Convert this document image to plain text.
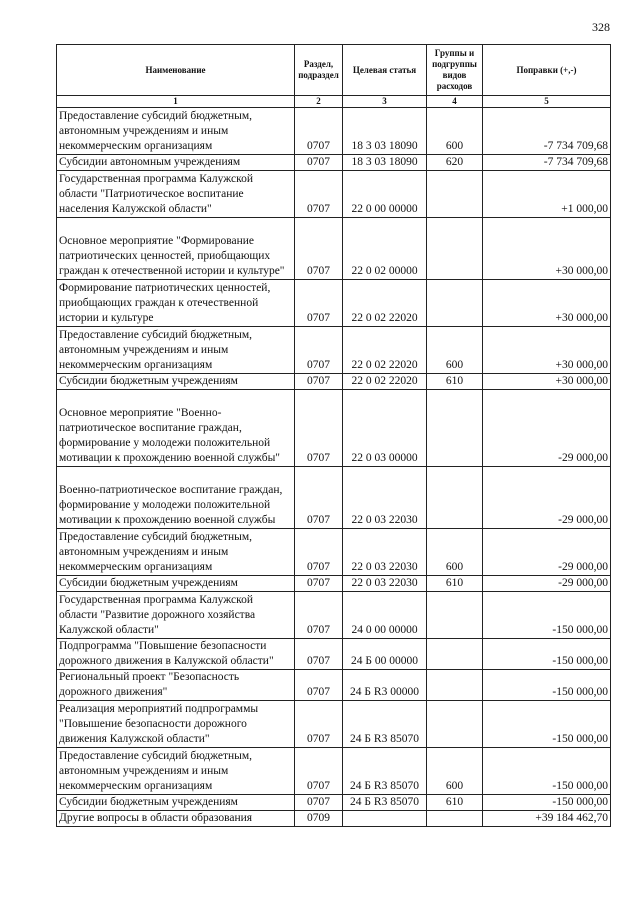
328
Наименование	Раздел, подраздел	Целевая статья	Группы и подгруппы видов расходов	Поправки (+,-)
1	2	3	4	5
Предоставление субсидий бюджетным, автономным учреждениям и иным некоммерческим организациям	0707	18 3 03 18090	600	-7 734 709,68
Субсидии автономным учреждениям	0707	18 3 03 18090	620	-7 734 709,68
Государственная программа Калужской области "Патриотическое воспитание населения Калужской области"	0707	22 0 00 00000		+1 000,00
Основное мероприятие "Формирование патриотических ценностей, приобщающих граждан к отечественной истории и культуре"	0707	22 0 02 00000		+30 000,00
Формирование патриотических ценностей, приобщающих граждан к отечественной истории и культуре	0707	22 0 02 22020		+30 000,00
Предоставление субсидий бюджетным, автономным учреждениям и иным некоммерческим организациям	0707	22 0 02 22020	600	+30 000,00
Субсидии бюджетным учреждениям	0707	22 0 02 22020	610	+30 000,00
Основное мероприятие "Военно-патриотическое воспитание граждан, формирование у молодежи положительной мотивации к прохождению военной службы"	0707	22 0 03 00000		-29 000,00
Военно-патриотическое воспитание граждан, формирование у молодежи положительной мотивации к прохождению военной службы	0707	22 0 03 22030		-29 000,00
Предоставление субсидий бюджетным, автономным учреждениям и иным некоммерческим организациям	0707	22 0 03 22030	600	-29 000,00
Субсидии бюджетным учреждениям	0707	22 0 03 22030	610	-29 000,00
Государственная программа Калужской области "Развитие дорожного хозяйства Калужской области"	0707	24 0 00 00000		-150 000,00
Подпрограмма "Повышение безопасности дорожного движения в Калужской области"	0707	24 Б 00 00000		-150 000,00
Региональный проект "Безопасность дорожного движения"	0707	24 Б R3 00000		-150 000,00
Реализация мероприятий подпрограммы "Повышение безопасности дорожного движения Калужской области"	0707	24 Б R3 85070		-150 000,00
Предоставление субсидий бюджетным, автономным учреждениям и иным некоммерческим организациям	0707	24 Б R3 85070	600	-150 000,00
Субсидии бюджетным учреждениям	0707	24 Б R3 85070	610	-150 000,00
Другие вопросы в области образования	0709			+39 184 462,70
